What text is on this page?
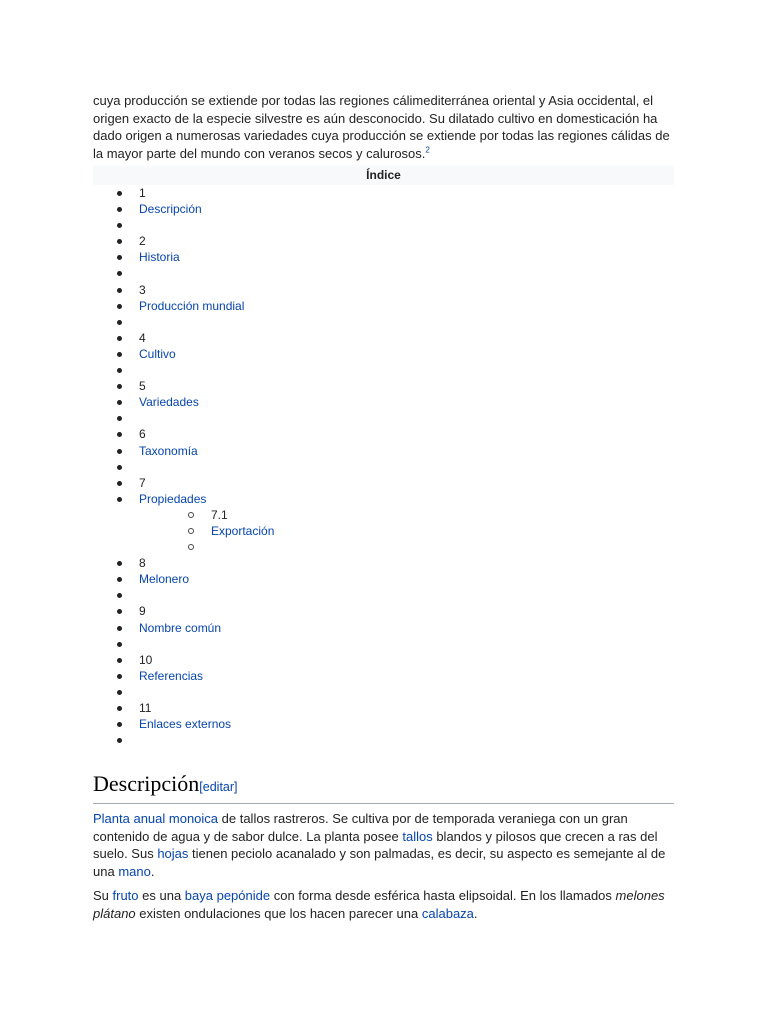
cuya producción se extiende por todas las regiones cálimediterránea oriental y Asia occidental, el origen exacto de la especie silvestre es aún desconocido. Su dilatado cultivo en domesticación ha dado origen a numerosas variedades cuya producción se extiende por todas las regiones cálidas de la mayor parte del mundo con veranos secos y calurosos.$^2$

Índice
1
Descripción
2
Historia
3
Producción mundial
4
Cultivo
5
Variedades
6
Taxonomía
7
Propiedades
7.1
Exportación
8
Melonero
9
Nombre común
10
Referencias
11
Enlaces externos
Descripción[editar]

Planta anual monoica de tallos rastreros. Se cultiva por de temporada veraniega con un gran contenido de agua y de sabor dulce. La planta posee tallos blandos y pilosos que crecen a ras del suelo. Sus hojas tienen peciolo acanalado y son palmadas, es decir, su aspecto es semejante al de una mano.

Su fruto es una baya pepónide con forma desde esférica hasta elipsoidal. En los llamados melones plátano existen ondulaciones que los hacen parecer una calabaza.
